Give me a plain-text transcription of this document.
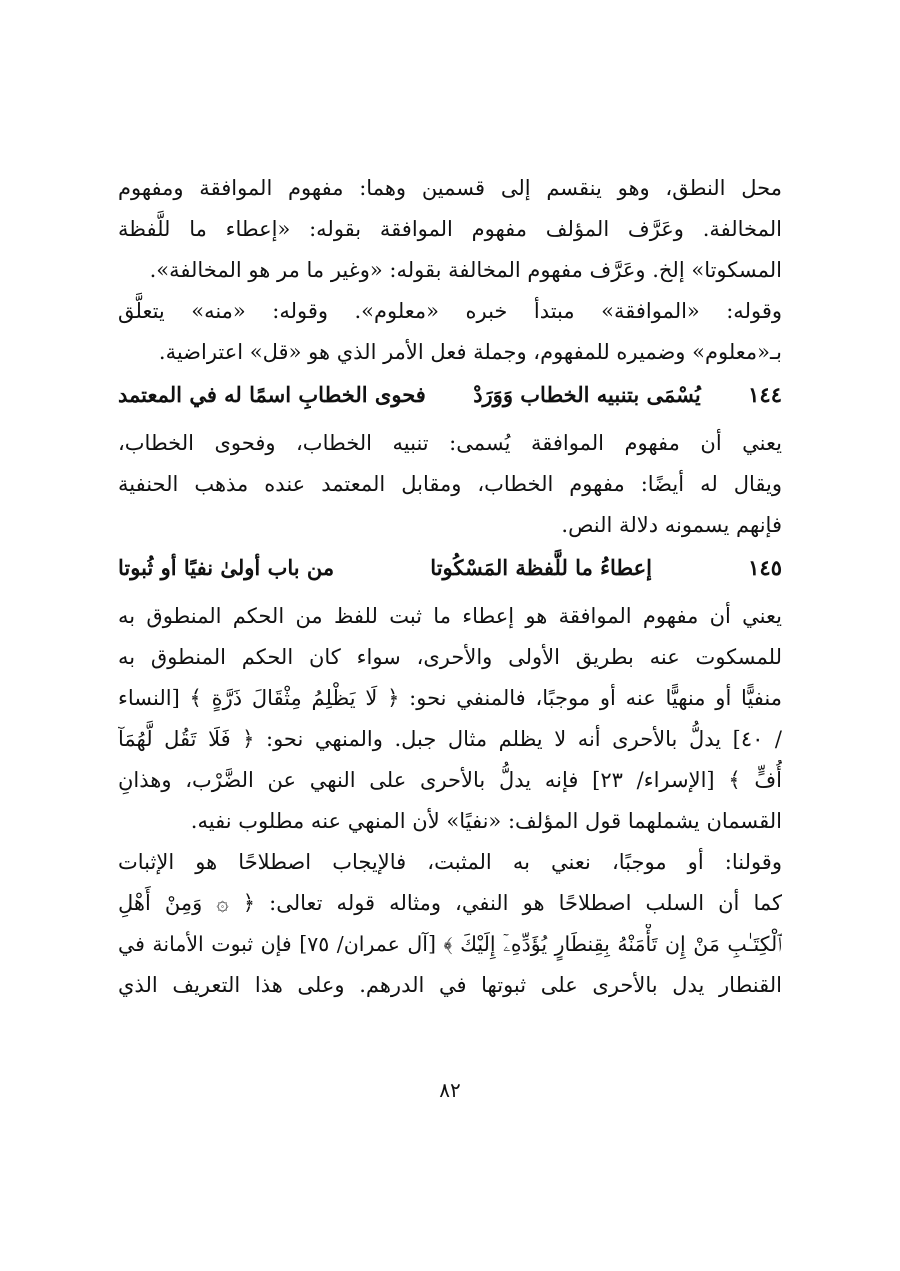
محل النطق، وهو ينقسم إلى قسمين وهما: مفهوم الموافقة ومفهوم
المخالفة. وعَرَّف المؤلف مفهوم الموافقة بقوله: «إعطاء ما للَّفظة
المسكوتا» إلخ. وعَرَّف مفهوم المخالفة بقوله: «وغير ما مر هو المخالفة».
وقوله: «الموافقة» مبتدأ خبره «معلوم». وقوله: «منه» يتعلَّق
بـ«معلوم» وضميره للمفهوم، وجملة فعل الأمر الذي هو «قل» اعتراضية.
١٤٤
يُسْمَى بتنبيه الخطاب وَوَرَدْ
فحوى الخطابِ اسمًا له في المعتمد
يعني أن مفهوم الموافقة يُسمى: تنبيه الخطاب، وفحوى الخطاب،
ويقال له أيضًا: مفهوم الخطاب، ومقابل المعتمد عنده مذهب الحنفية
فإنهم يسمونه دلالة النص.
١٤٥
إعطاءُ ما للَّفظة المَسْكُوتا
من باب أولىٰ نفيًا أو ثُبوتا
يعني أن مفهوم الموافقة هو إعطاء ما ثبت للفظ من الحكم المنطوق به
للمسكوت عنه بطريق الأولى والأحرى، سواء كان الحكم المنطوق به
منفيًّا أو منهيًّا عنه أو موجبًا، فالمنفي نحو: ﴿ لَا يَظْلِمُ مِثْقَالَ ذَرَّةٍ ﴾ [النساء
/ ٤٠] يدلُّ بالأحرى أنه لا يظلم مثال جبل. والمنهي نحو: ﴿ فَلَا تَقُل لَّهُمَآ
أُفٍّ ﴾ [الإسراء/ ٢٣] فإنه يدلُّ بالأحرى على النهي عن الضَّرْب، وهذانِ
القسمان يشملهما قول المؤلف: «نفيًا» لأن المنهي عنه مطلوب نفيه.
وقولنا: أو موجبًا، نعني به المثبت، فالإيجاب اصطلاحًا هو الإثبات
كما أن السلب اصطلاحًا هو النفي، ومثاله قوله تعالى: ﴿ ۞ وَمِنْ أَهْلِ
ٱلْكِتَـٰبِ مَنْ إِن تَأْمَنْهُ بِقِنطَارٍ يُؤَدِّهِۦٓ إِلَيْكَ ﴾ [آل عمران/ ٧٥] فإن ثبوت الأمانة في
القنطار يدل بالأحرى على ثبوتها في الدرهم. وعلى هذا التعريف الذي
٨٢
